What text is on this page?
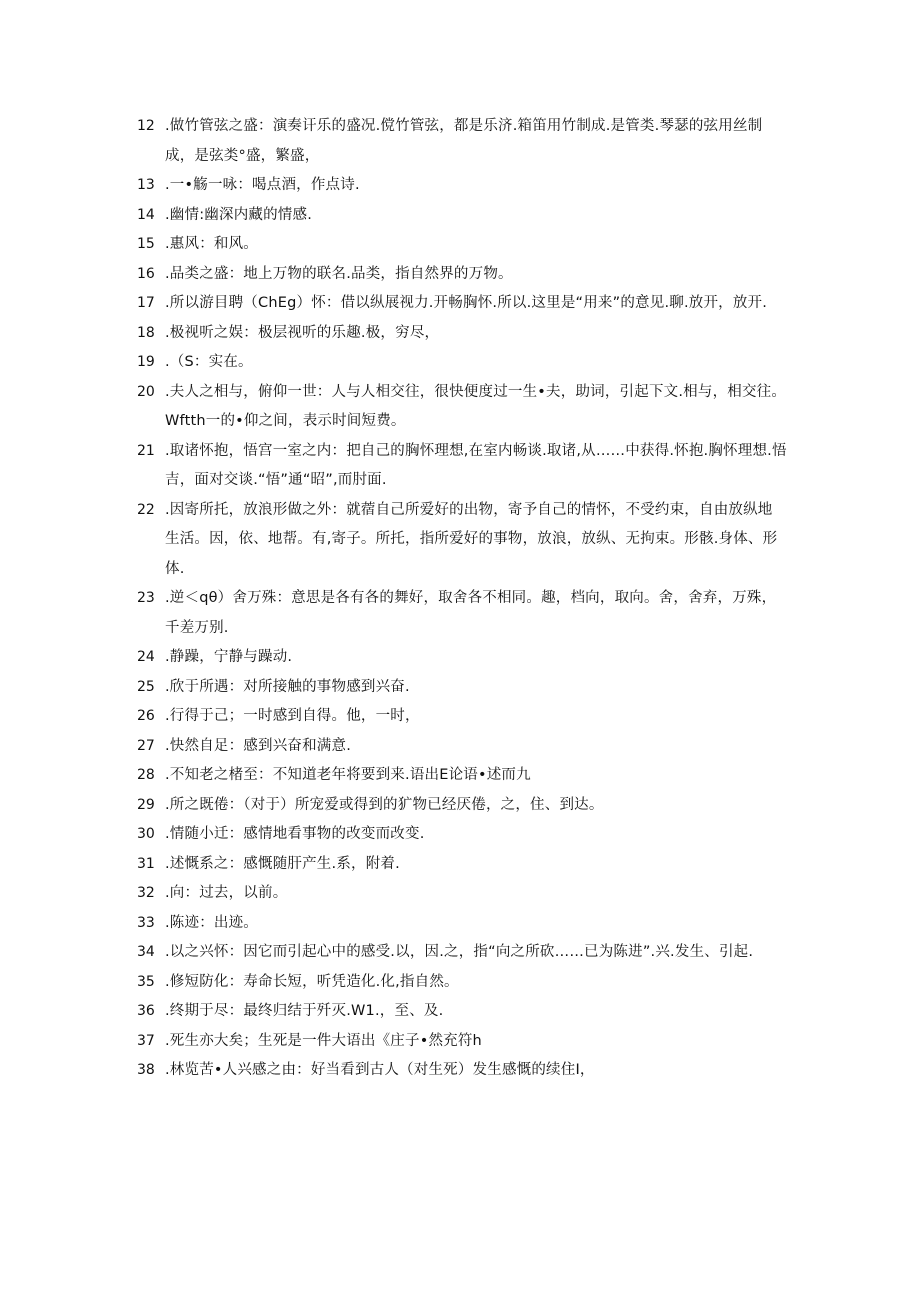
12 .做竹管弦之盛：演奏讦乐的盛况.傥竹管弦，都是乐济.箱笛用竹制成.是管类.琴瑟的弦用丝制成，是弦类°盛，繁盛，
13 .一•觞一咏：喝点酒，作点诗.
14 .幽情:幽深内藏的情感.
15 .惠风：和风。
16 .品类之盛：地上万物的联名.品类，指自然界的万物。
17 .所以游目聘（ChEg）怀：借以纵展视力.开畅胸怀.所以.这里是“用来”的意见.聊.放开，放开.
18 .极视听之娱：极层视听的乐趣.极，穷尽，
19 .（S：实在。
20 .夫人之相与，俯仰一世：人与人相交往，很快便度过一生•夫，助词，引起下文.相与，相交往。Wftth一的•仰之间，表示时间短费。
21 .取诸怀抱，悟宫一室之内：把自己的胸怀理想,在室内畅谈.取诸,从……中获得.怀抱.胸怀理想.悟吉，面对交谈.“悟”通“昭”,而肘面.
22 .因寄所托，放浪形做之外：就蓿自己所爱好的出物，寄予自己的情怀，不受约束，自由放纵地生活。因，依、地帮。有,寄子。所托，指所爱好的事物，放浪，放纵、无拘束。形骸.身体、形体.
23 .逆＜qθ）舍万殊：意思是各有各的舞好，取舍各不相同。趣，档向，取向。舍，舍弃，万殊，千差万别.
24 .静躁，宁静与躁动.
25 .欣于所遇：对所接触的事物感到兴奋.
26 .行得于己；一时感到自得。他，一时，
27 .快然自足：感到兴奋和满意.
28 .不知老之楮至：不知道老年将要到来.语出E论语•述而九
29 .所之既倦：（对于）所宠爱或得到的犷物已经厌倦，之，住、到达。
30 .情随小迁：感情地看事物的改变而改变.
31 .述慨系之：感慨随肝产生.系，附着.
32 .向：过去，以前。
33 .陈迹：出迹。
34 .以之兴怀：因它而引起心中的感受.以，因.之，指“向之所砍……已为陈进”.兴.发生、引起.
35 .修短防化：寿命长短，听凭造化.化,指自然。
36 .终期于尽：最终归结于歼灭.W1.，至、及.
37 .死生亦大矣；生死是一件大语出《庄子•然充符h
38 .林览苦•人兴感之由：好当看到古人（对生死）发生感慨的续住I，
